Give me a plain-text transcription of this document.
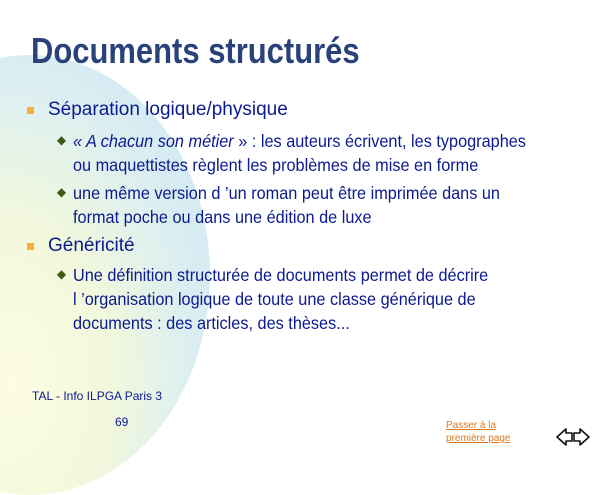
Documents structurés
Séparation logique/physique
◆ « A chacun son métier » : les auteurs écrivent, les typographes
ou maquettistes règlent les problèmes de mise en forme
◆ une même version d ’un roman peut être imprimée dans un
format poche ou dans une édition de luxe
Généricité
◆ Une définition structurée de documents permet de décrire
l ’organisation logique de toute une classe générique de
documents : des articles, des thèses...
TAL - Info ILPGA Paris 3
69	Passer à la
première page
